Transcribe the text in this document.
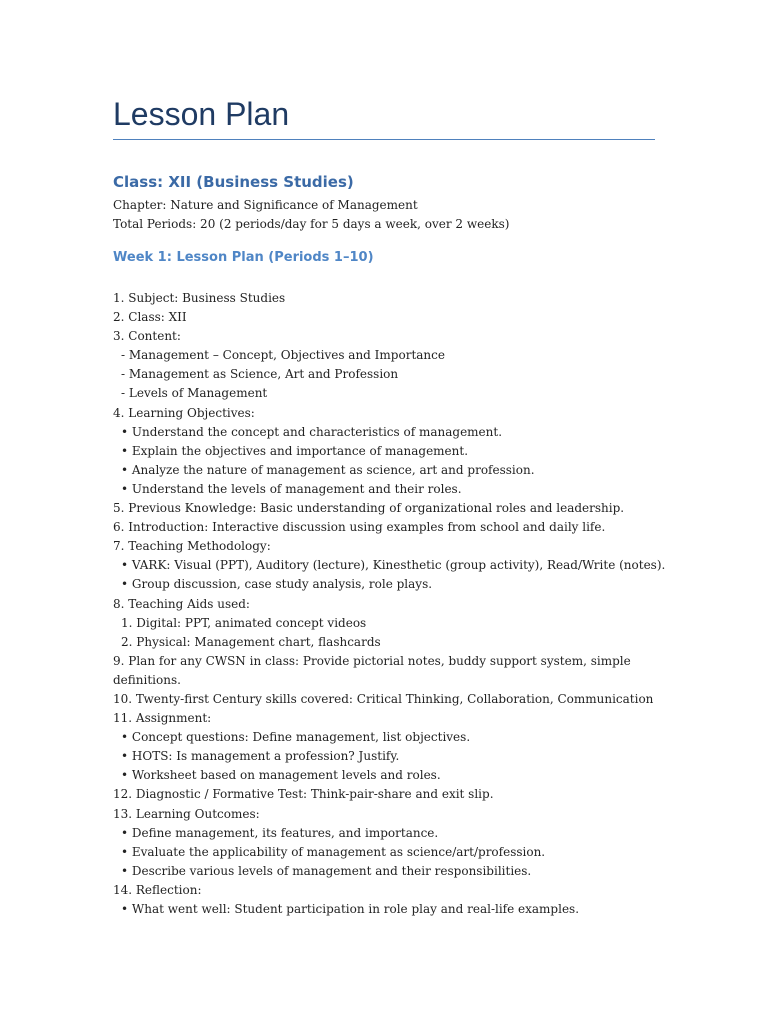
Lesson Plan
Class: XII (Business Studies)
Chapter: Nature and Significance of Management
Total Periods: 20 (2 periods/day for 5 days a week, over 2 weeks)
Week 1: Lesson Plan (Periods 1–10)
1. Subject: Business Studies
2. Class: XII
3. Content:
- Management – Concept, Objectives and Importance
- Management as Science, Art and Profession
- Levels of Management
4. Learning Objectives:
• Understand the concept and characteristics of management.
• Explain the objectives and importance of management.
• Analyze the nature of management as science, art and profession.
• Understand the levels of management and their roles.
5. Previous Knowledge: Basic understanding of organizational roles and leadership.
6. Introduction: Interactive discussion using examples from school and daily life.
7. Teaching Methodology:
• VARK: Visual (PPT), Auditory (lecture), Kinesthetic (group activity), Read/Write (notes).
• Group discussion, case study analysis, role plays.
8. Teaching Aids used:
1. Digital: PPT, animated concept videos
2. Physical: Management chart, flashcards
9. Plan for any CWSN in class: Provide pictorial notes, buddy support system, simple
definitions.
10. Twenty-first Century skills covered: Critical Thinking, Collaboration, Communication
11. Assignment:
• Concept questions: Define management, list objectives.
• HOTS: Is management a profession? Justify.
• Worksheet based on management levels and roles.
12. Diagnostic / Formative Test: Think-pair-share and exit slip.
13. Learning Outcomes:
• Define management, its features, and importance.
• Evaluate the applicability of management as science/art/profession.
• Describe various levels of management and their responsibilities.
14. Reflection:
• What went well: Student participation in role play and real-life examples.
